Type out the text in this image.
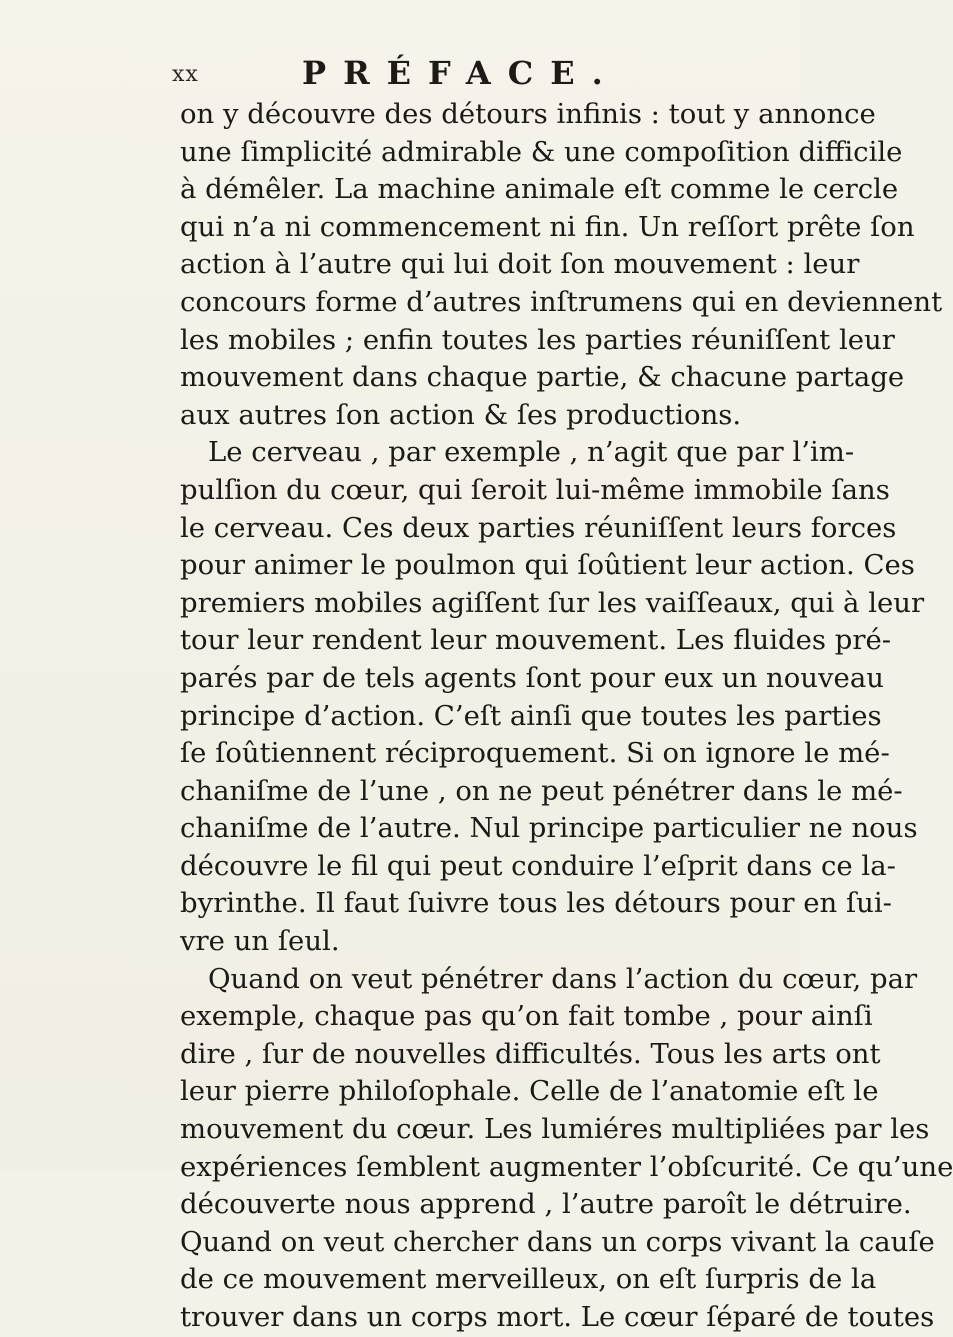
xx	PRÉFACE.
on y découvre des détours infinis : tout y annonce
une ſimplicité admirable & une compoſition difficile
à démêler. La machine animale eſt comme le cercle
qui n’a ni commencement ni fin. Un reſſort prête ſon
action à l’autre qui lui doit ſon mouvement : leur
concours forme d’autres inſtrumens qui en deviennent
les mobiles ; enfin toutes les parties réuniſſent leur
mouvement dans chaque partie, & chacune partage
aux autres ſon action & ſes productions.
Le cerveau , par exemple , n’agit que par l’im-
pulſion du cœur, qui ſeroit lui-même immobile ſans
le cerveau. Ces deux parties réuniſſent leurs forces
pour animer le poulmon qui ſoûtient leur action. Ces
premiers mobiles agiſſent ſur les vaiſſeaux, qui à leur
tour leur rendent leur mouvement. Les fluides pré-
parés par de tels agents ſont pour eux un nouveau
principe d’action. C’eſt ainſi que toutes les parties
ſe ſoûtiennent réciproquement. Si on ignore le mé-
chaniſme de l’une , on ne peut pénétrer dans le mé-
chaniſme de l’autre. Nul principe particulier ne nous
découvre le fil qui peut conduire l’eſprit dans ce la-
byrinthe. Il faut ſuivre tous les détours pour en ſui-
vre un ſeul.
Quand on veut pénétrer dans l’action du cœur, par
exemple, chaque pas qu’on fait tombe , pour ainſi
dire , ſur de nouvelles difficultés. Tous les arts ont
leur pierre philoſophale. Celle de l’anatomie eſt le
mouvement du cœur. Les lumiéres multipliées par les
expériences ſemblent augmenter l’obſcurité. Ce qu’une
découverte nous apprend , l’autre paroît le détruire.
Quand on veut chercher dans un corps vivant la cauſe
de ce mouvement merveilleux, on eſt ſurpris de la
trouver dans un corps mort. Le cœur ſéparé de toutes
